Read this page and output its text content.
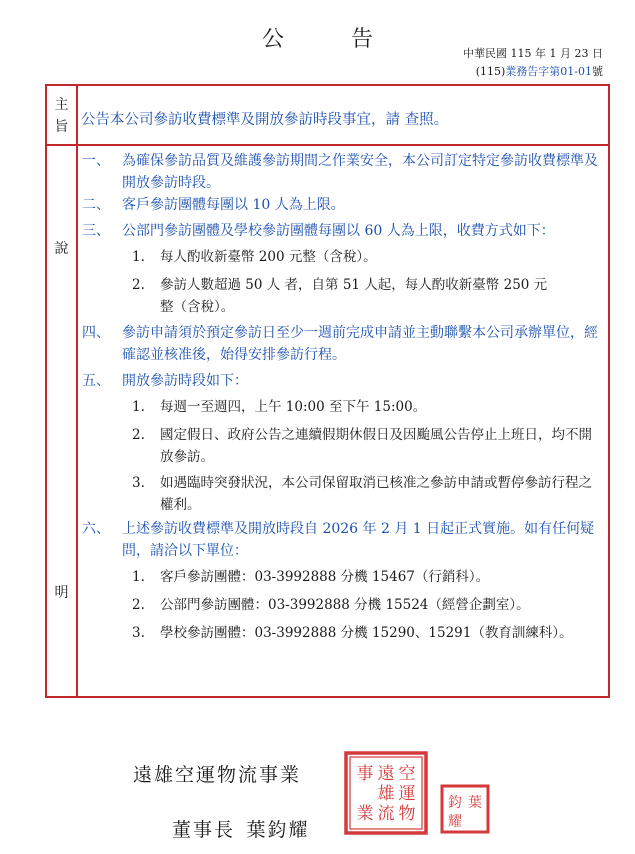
公 告
中華民國 115 年 1 月 23 日
(115)業務告字第01-01號
主
旨
說
明
公告本公司參訪收費標準及開放參訪時段事宜，請 查照。
一、 為確保參訪品質及維護參訪期間之作業安全，本公司訂定特定參訪收費標準及開放參訪時段。
二、 客戶參訪團體每團以 10 人為上限。
三、 公部門參訪團體及學校參訪團體每團以 60 人為上限，收費方式如下：
1. 每人酌收新臺幣 200 元整（含稅）。
2. 參訪人數超過 50 人 者，自第 51 人起，每人酌收新臺幣 250 元
整（含稅）。
四、 參訪申請須於預定參訪日至少一週前完成申請並主動聯繫本公司承辦單位，經確認並核准後，始得安排參訪行程。
五、 開放參訪時段如下：
1. 每週一至週四，上午 10:00 至下午 15:00。
2. 國定假日、政府公告之連續假期休假日及因颱風公告停止上班日，均不開放參訪。
3. 如遇臨時突發狀況，本公司保留取消已核准之參訪申請或暫停參訪行程之權利。
六、 上述參訪收費標準及開放時段自 2026 年 2 月 1 日起正式實施。如有任何疑問，請洽以下單位：
1. 客戶參訪團體：03-3992888 分機 15467（行銷科）。
2. 公部門參訪團體：03-3992888 分機 15524（經營企劃室）。
3. 學校參訪團體：03-3992888 分機 15290、15291（教育訓練科）。
遠雄空運物流事業
董事長  葉鈞耀
空
運
物
遠
雄
流
事
業
葉
鈞
耀
